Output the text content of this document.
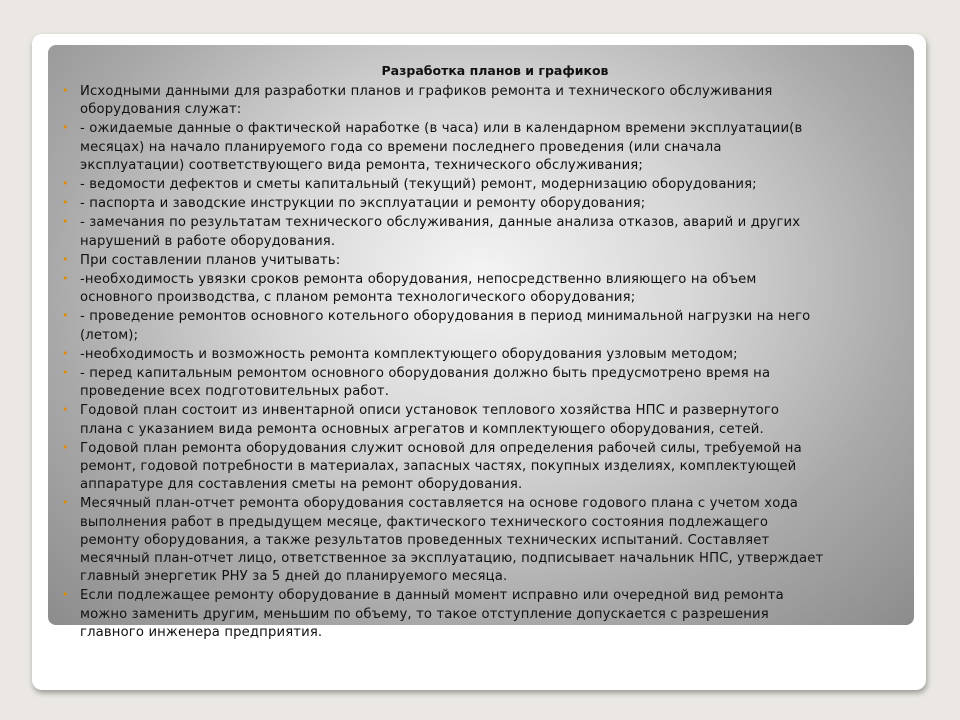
Разработка планов и графиков
• Исходными данными для разработки планов и графиков ремонта и технического обслуживания
оборудования служат:
• - ожидаемые данные о фактической наработке (в часа) или в календарном времени эксплуатации(в
месяцах) на начало планируемого года со времени последнего проведения (или сначала
эксплуатации) соответствующего вида ремонта, технического обслуживания;
• - ведомости дефектов и сметы капитальный (текущий) ремонт, модернизацию оборудования;
• - паспорта и заводские инструкции по эксплуатации и ремонту оборудования;
• - замечания по результатам технического обслуживания, данные анализа отказов, аварий и других
нарушений в работе оборудования.
• При составлении планов учитывать:
• -необходимость увязки сроков ремонта оборудования, непосредственно влияющего на объем
основного производства, с планом ремонта технологического оборудования;
• - проведение ремонтов основного котельного оборудования в период минимальной нагрузки на него
(летом);
• -необходимость и возможность ремонта комплектующего оборудования узловым методом;
• - перед капитальным ремонтом основного оборудования должно быть предусмотрено время на
проведение всех подготовительных работ.
• Годовой план состоит из инвентарной описи установок теплового хозяйства НПС и развернутого
плана с указанием вида ремонта основных агрегатов и комплектующего оборудования, сетей.
• Годовой план ремонта оборудования служит основой для определения рабочей силы, требуемой на
ремонт, годовой потребности в материалах, запасных частях, покупных изделиях, комплектующей
аппаратуре для составления сметы на ремонт оборудования.
• Месячный план-отчет ремонта оборудования составляется на основе годового плана с учетом хода
выполнения работ в предыдущем месяце, фактического технического состояния подлежащего
ремонту оборудования, а также результатов проведенных технических испытаний. Составляет
месячный план-отчет лицо, ответственное за эксплуатацию, подписывает начальник НПС, утверждает
главный энергетик РНУ за 5 дней до планируемого месяца.
• Если подлежащее ремонту оборудование в данный момент исправно или очередной вид ремонта
можно заменить другим, меньшим по объему, то такое отступление допускается с разрешения
главного инженера предприятия.
